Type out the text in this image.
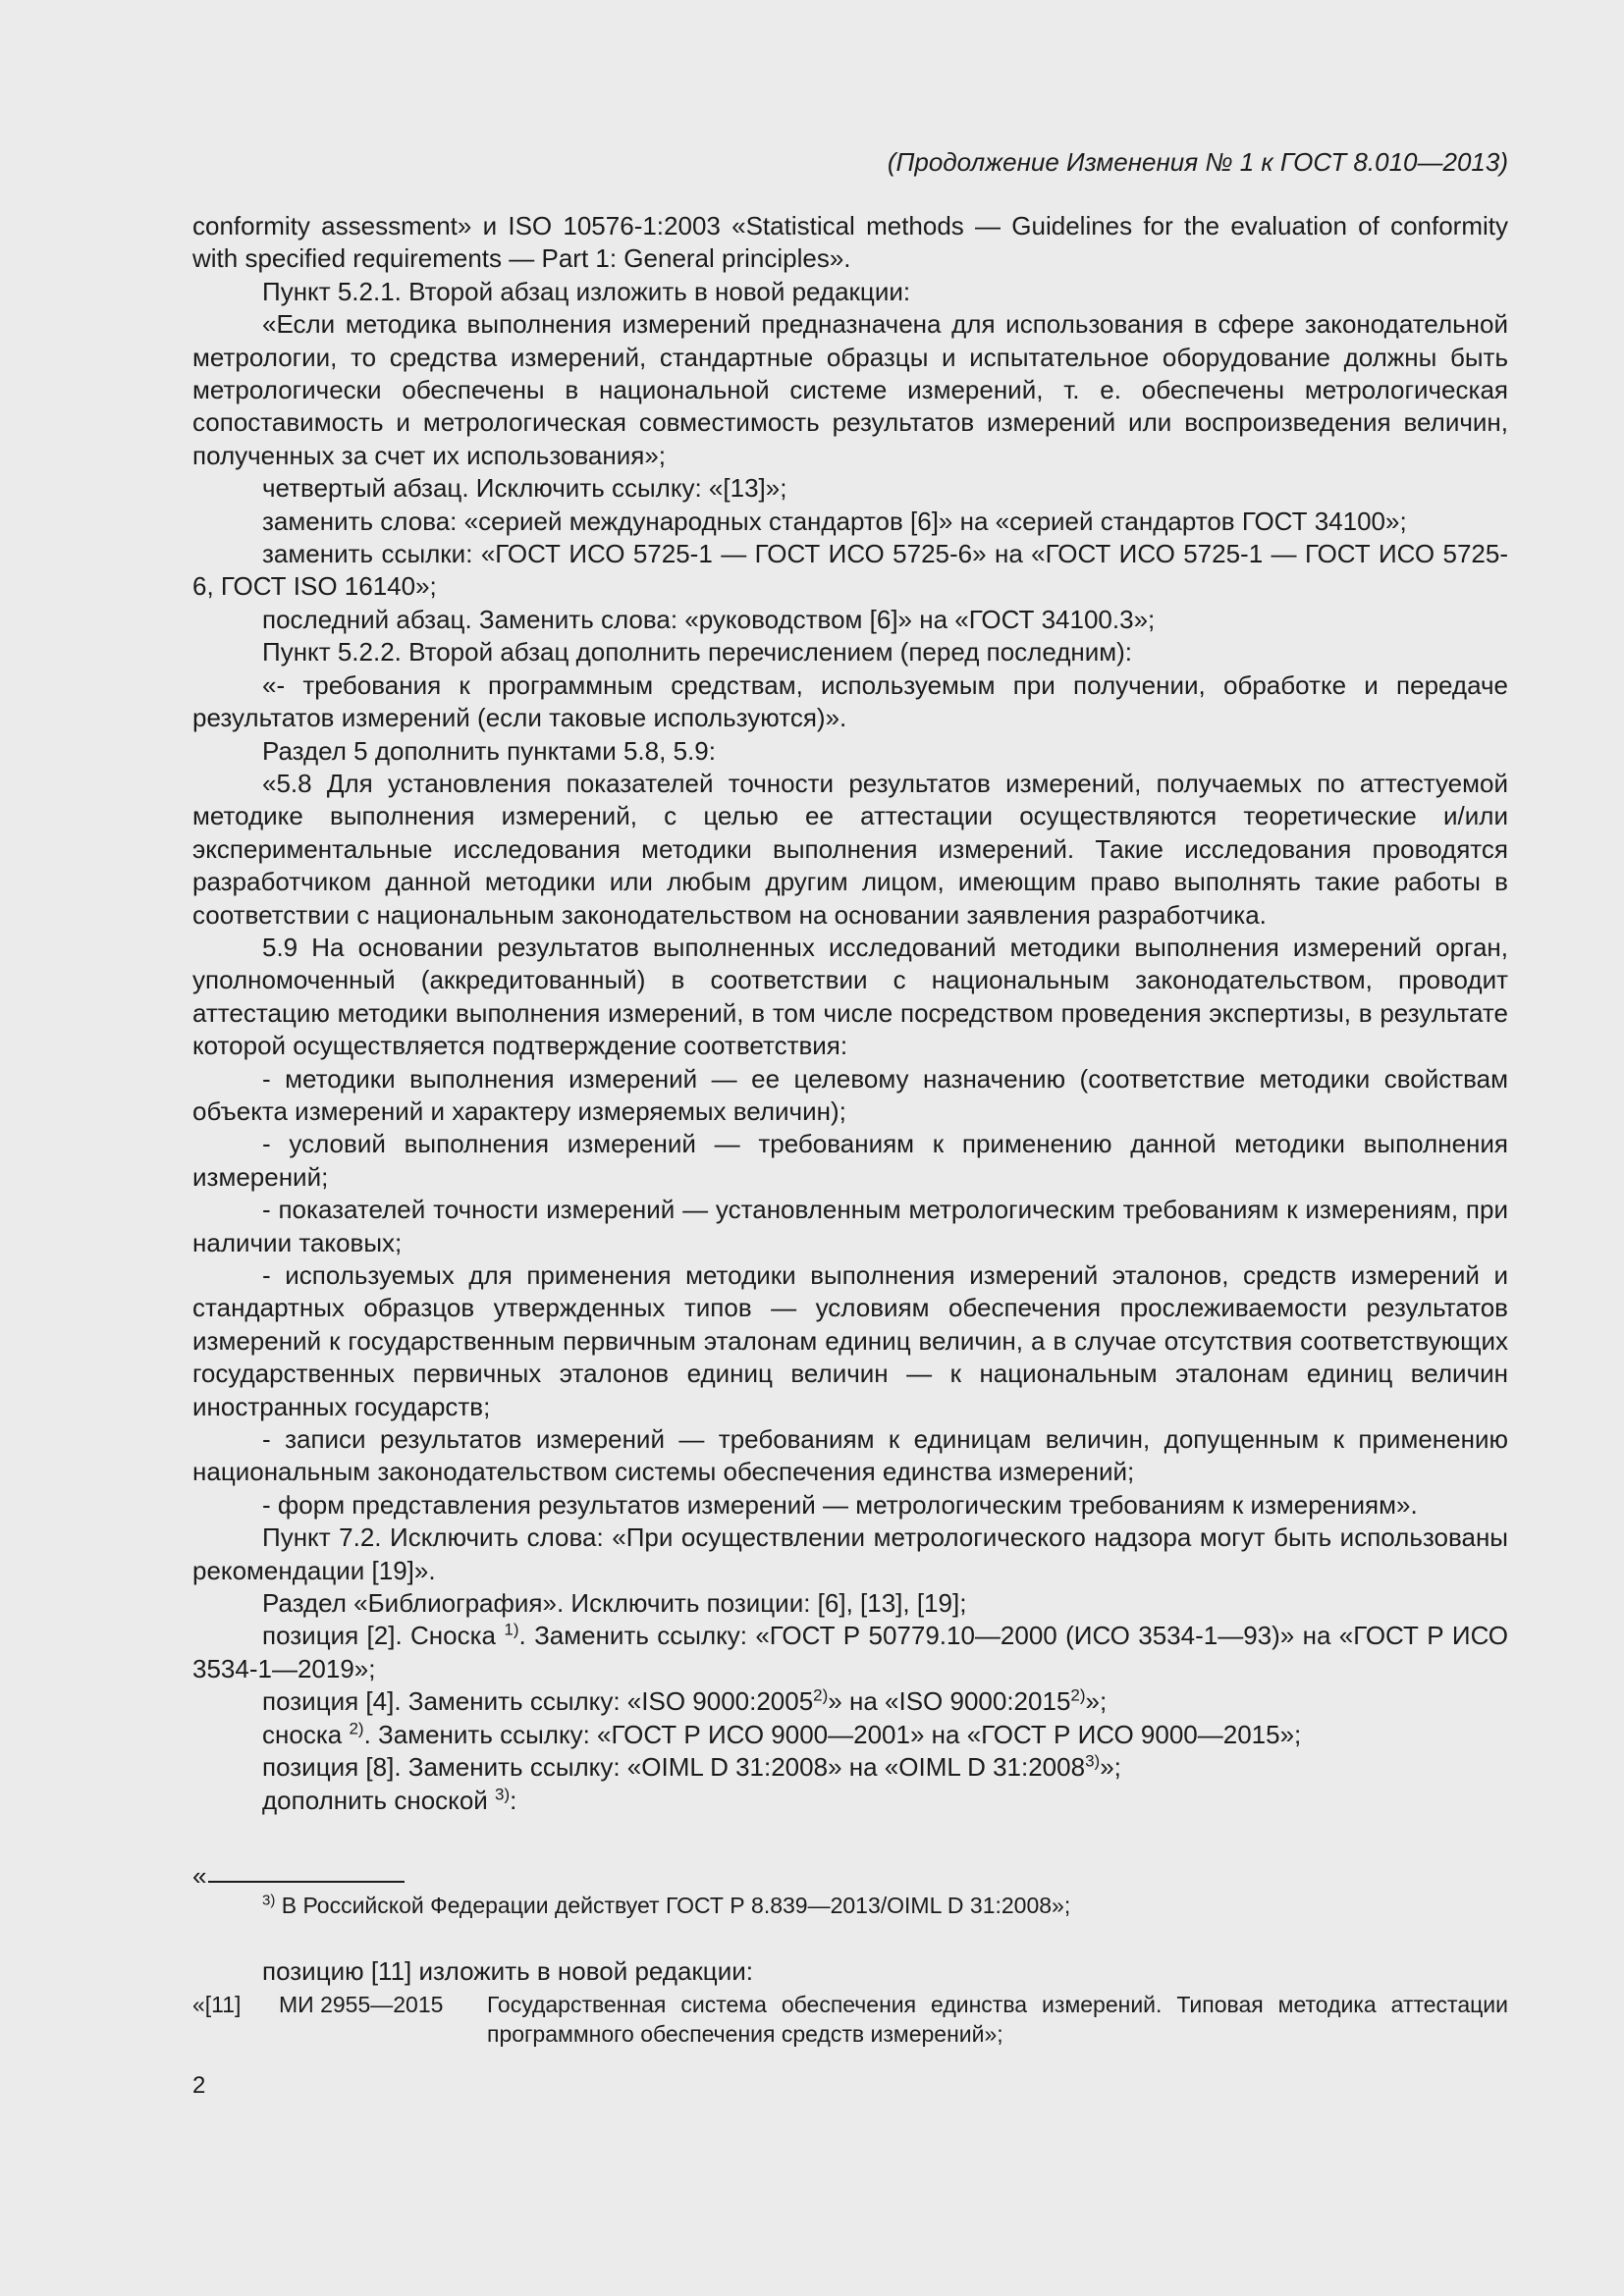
(Продолжение Изменения № 1 к ГОСТ 8.010—2013)

conformity assessment» и ISO 10576-1:2003 «Statistical methods — Guidelines for the evaluation of conformity with specified requirements — Part 1: General principles».

Пункт 5.2.1. Второй абзац изложить в новой редакции:

«Если методика выполнения измерений предназначена для использования в сфере законодательной метрологии, то средства измерений, стандартные образцы и испытательное оборудование должны быть метрологически обеспечены в национальной системе измерений, т. е. обеспечены метрологическая сопоставимость и метрологическая совместимость результатов измерений или воспроизведения величин, полученных за счет их использования»;

четвертый абзац. Исключить ссылку: «[13]»;

заменить слова: «серией международных стандартов [6]» на «серией стандартов ГОСТ 34100»;

заменить ссылки: «ГОСТ ИСО 5725-1 — ГОСТ ИСО 5725-6» на «ГОСТ ИСО 5725-1 — ГОСТ ИСО 5725-6, ГОСТ ISO 16140»;

последний абзац. Заменить слова: «руководством [6]» на «ГОСТ 34100.3»;

Пункт 5.2.2. Второй абзац дополнить перечислением (перед последним):

«- требования к программным средствам, используемым при получении, обработке и передаче результатов измерений (если таковые используются)».

Раздел 5 дополнить пунктами 5.8, 5.9:

«5.8 Для установления показателей точности результатов измерений, получаемых по аттестуемой методике выполнения измерений, с целью ее аттестации осуществляются теоретические и/или экспериментальные исследования методики выполнения измерений. Такие исследования проводятся разработчиком данной методики или любым другим лицом, имеющим право выполнять такие работы в соответствии с национальным законодательством на основании заявления разработчика.

5.9 На основании результатов выполненных исследований методики выполнения измерений орган, уполномоченный (аккредитованный) в соответствии с национальным законодательством, проводит аттестацию методики выполнения измерений, в том числе посредством проведения экспертизы, в результате которой осуществляется подтверждение соответствия:

- методики выполнения измерений — ее целевому назначению (соответствие методики свойствам объекта измерений и характеру измеряемых величин);

- условий выполнения измерений — требованиям к применению данной методики выполнения измерений;

- показателей точности измерений — установленным метрологическим требованиям к измерениям, при наличии таковых;

- используемых для применения методики выполнения измерений эталонов, средств измерений и стандартных образцов утвержденных типов — условиям обеспечения прослеживаемости результатов измерений к государственным первичным эталонам единиц величин, а в случае отсутствия соответствующих государственных первичных эталонов единиц величин — к национальным эталонам единиц величин иностранных государств;

- записи результатов измерений — требованиям к единицам величин, допущенным к применению национальным законодательством системы обеспечения единства измерений;

- форм представления результатов измерений — метрологическим требованиям к измерениям».

Пункт 7.2. Исключить слова: «При осуществлении метрологического надзора могут быть использованы рекомендации [19]».

Раздел «Библиография». Исключить позиции: [6], [13], [19];

позиция [2]. Сноска $^{1)}$. Заменить ссылку: «ГОСТ Р 50779.10—2000 (ИСО 3534-1—93)» на «ГОСТ Р ИСО 3534-1—2019»;

позиция [4]. Заменить ссылку: «ISO 9000:2005$^{2)}$» на «ISO 9000:2015$^{2)}$»;

сноска $^{2)}$. Заменить ссылку: «ГОСТ Р ИСО 9000—2001» на «ГОСТ Р ИСО 9000—2015»;

позиция [8]. Заменить ссылку: «OIML D 31:2008» на «OIML D 31:2008$^{3)}$»;

дополнить сноской $^{3)}$:

«
$^{3)}$ В Российской Федерации действует ГОСТ Р 8.839—2013/OIML D 31:2008»;
позицию [11] изложить в новой редакции:
«[11] МИ 2955—2015 Государственная система обеспечения единства измерений. Типовая методика аттестации программного обеспечения средств измерений»;
2
